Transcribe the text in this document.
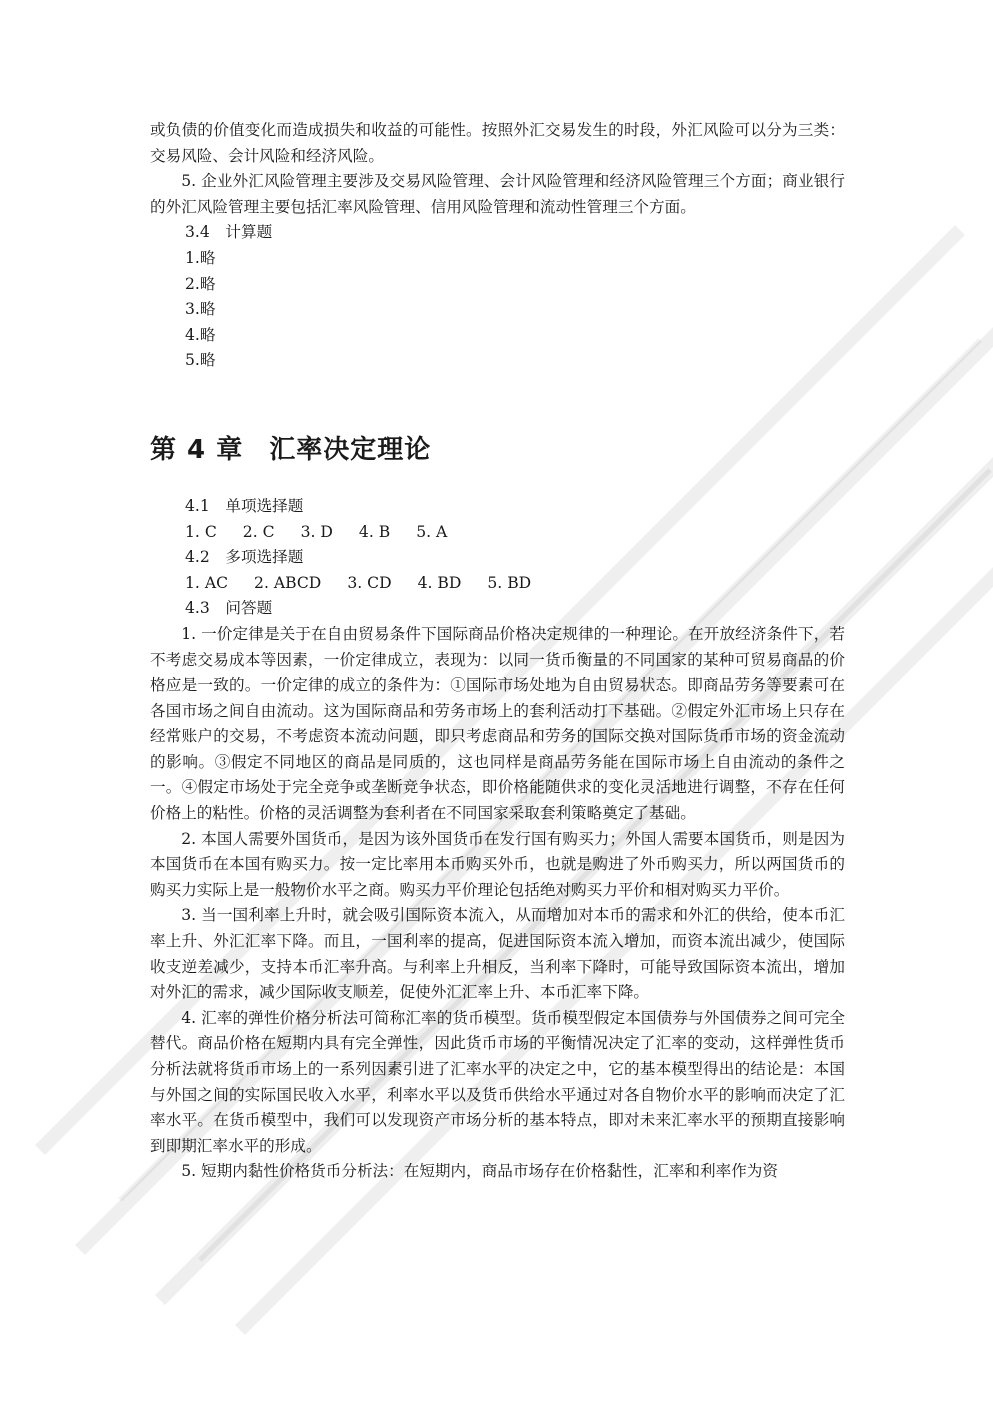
或负债的价值变化而造成损失和收益的可能性。按照外汇交易发生的时段，外汇风险可以分为三类：交易风险、会计风险和经济风险。

5. 企业外汇风险管理主要涉及交易风险管理、会计风险管理和经济风险管理三个方面；商业银行的外汇风险管理主要包括汇率风险管理、信用风险管理和流动性管理三个方面。

3.4　计算题

1.略

2.略

3.略

4.略

5.略

第 4 章 汇率决定理论

4.1　单项选择题

1. C 2. C 3. D 4. B 5. A

4.2　多项选择题

1. AC 2. ABCD 3. CD 4. BD 5. BD

4.3　问答题

1. 一价定律是关于在自由贸易条件下国际商品价格决定规律的一种理论。在开放经济条件下，若不考虑交易成本等因素，一价定律成立，表现为：以同一货币衡量的不同国家的某种可贸易商品的价格应是一致的。一价定律的成立的条件为：①国际市场处地为自由贸易状态。即商品劳务等要素可在各国市场之间自由流动。这为国际商品和劳务市场上的套利活动打下基础。②假定外汇市场上只存在经常账户的交易，不考虑资本流动问题，即只考虑商品和劳务的国际交换对国际货币市场的资金流动的影响。③假定不同地区的商品是同质的，这也同样是商品劳务能在国际市场上自由流动的条件之一。④假定市场处于完全竞争或垄断竞争状态，即价格能随供求的变化灵活地进行调整，不存在任何价格上的粘性。价格的灵活调整为套利者在不同国家采取套利策略奠定了基础。

2. 本国人需要外国货币，是因为该外国货币在发行国有购买力；外国人需要本国货币，则是因为本国货币在本国有购买力。按一定比率用本币购买外币，也就是购进了外币购买力，所以两国货币的购买力实际上是一般物价水平之商。购买力平价理论包括绝对购买力平价和相对购买力平价。

3. 当一国利率上升时，就会吸引国际资本流入，从而增加对本币的需求和外汇的供给，使本币汇率上升、外汇汇率下降。而且，一国利率的提高，促进国际资本流入增加，而资本流出减少，使国际收支逆差减少，支持本币汇率升高。与利率上升相反，当利率下降时，可能导致国际资本流出，增加对外汇的需求，减少国际收支顺差，促使外汇汇率上升、本币汇率下降。

4. 汇率的弹性价格分析法可简称汇率的货币模型。货币模型假定本国债券与外国债券之间可完全替代。商品价格在短期内具有完全弹性，因此货币市场的平衡情况决定了汇率的变动，这样弹性货币分析法就将货币市场上的一系列因素引进了汇率水平的决定之中，它的基本模型得出的结论是：本国与外国之间的实际国民收入水平，利率水平以及货币供给水平通过对各自物价水平的影响而决定了汇率水平。在货币模型中，我们可以发现资产市场分析的基本特点，即对未来汇率水平的预期直接影响到即期汇率水平的形成。

5. 短期内黏性价格货币分析法：在短期内，商品市场存在价格黏性，汇率和利率作为资
